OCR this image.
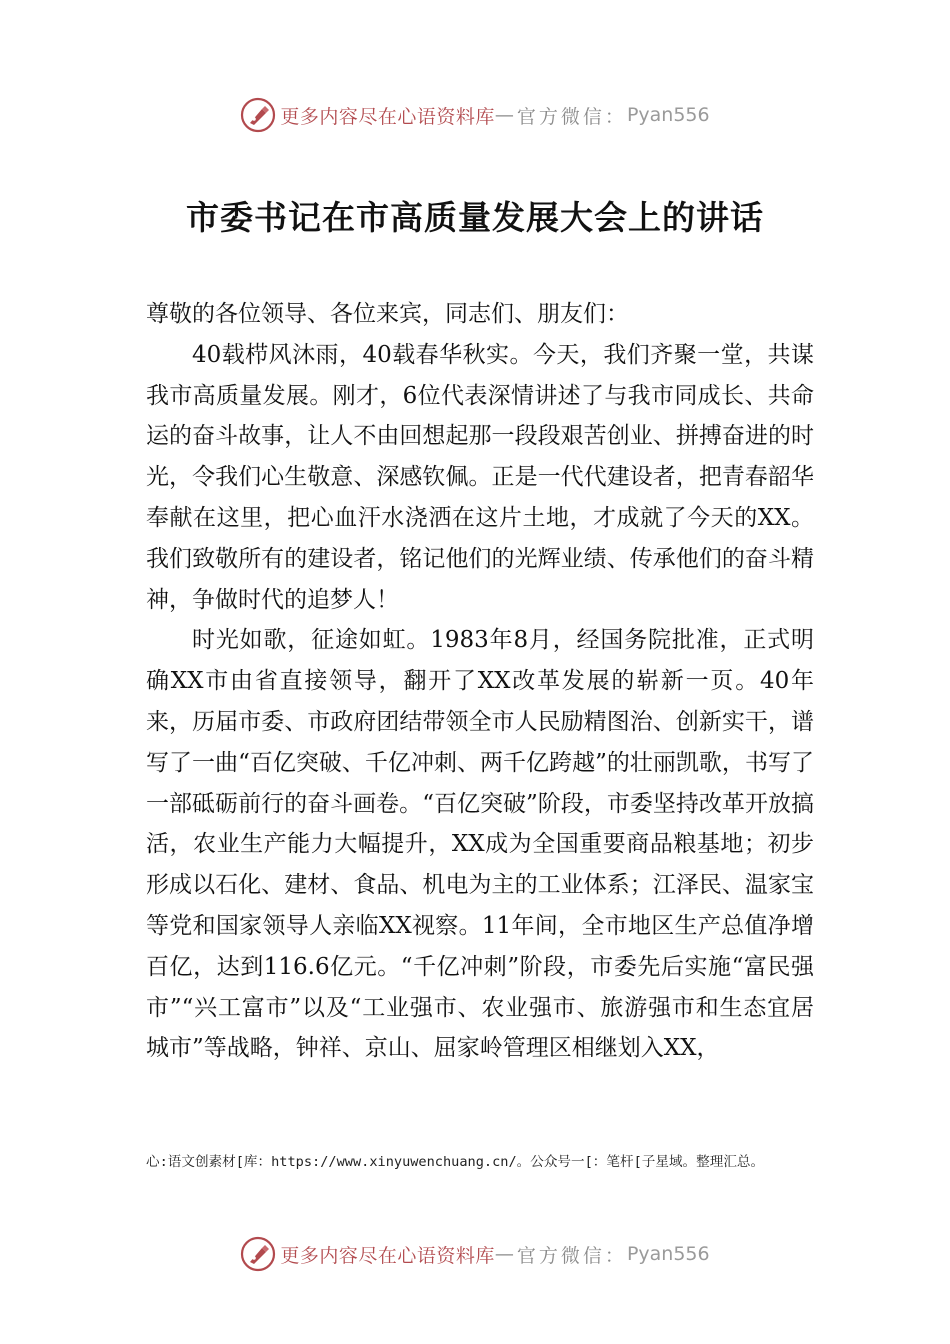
更多内容尽在心语资料库 — 官方微信： Pyan556
市委书记在市高质量发展大会上的讲话

尊敬的各位领导、各位来宾，同志们、朋友们：

40载栉风沐雨，40载春华秋实。今天，我们齐聚一堂，共谋我市高质量发展。刚才，6位代表深情讲述了与我市同成长、共命运的奋斗故事，让人不由回想起那一段段艰苦创业、拼搏奋进的时光，令我们心生敬意、深感钦佩。正是一代代建设者，把青春韶华奉献在这里，把心血汗水浇洒在这片土地，才成就了今天的XX。我们致敬所有的建设者，铭记他们的光辉业绩、传承他们的奋斗精神，争做时代的追梦人！

时光如歌，征途如虹。1983年8月，经国务院批准，正式明确XX市由省直接领导，翻开了XX改革发展的崭新一页。40年来，历届市委、市政府团结带领全市人民励精图治、创新实干，谱写了一曲“百亿突破、千亿冲刺、两千亿跨越”的壮丽凯歌，书写了一部砥砺前行的奋斗画卷。“百亿突破”阶段，市委坚持改革开放搞活，农业生产能力大幅提升，XX成为全国重要商品粮基地；初步形成以石化、建材、食品、机电为主的工业体系；江泽民、温家宝等党和国家领导人亲临XX视察。11年间，全市地区生产总值净增百亿，达到116.6亿元。“千亿冲刺”阶段，市委先后实施“富民强市”“兴工富市”以及“工业强市、农业强市、旅游强市和生态宜居城市”等战略，钟祥、京山、屈家岭管理区相继划入XX，

心:语文创素材[库：https://www.xinyuwenchuang.cn/。公众号一[：笔杆[子星域。整理汇总。
更多内容尽在心语资料库 — 官方微信： Pyan556
